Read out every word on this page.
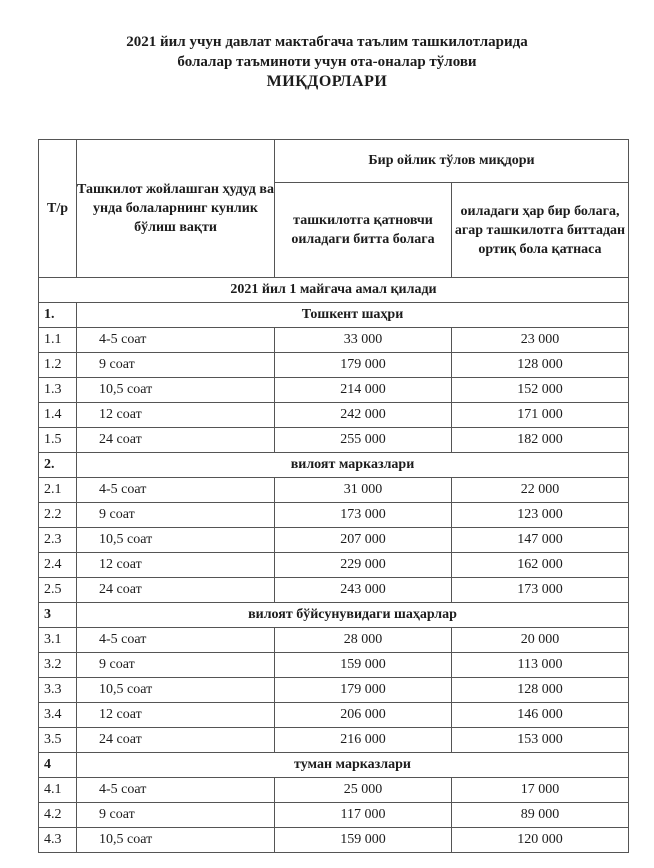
2021 йил учун давлат мактабгача таълим ташкилотларида
болалар таъминоти учун ота-оналар тўлови
МИҚДОРЛАРИ
Т/р	Ташкилот жойлашган ҳудуд ва унда болаларнинг кунлик бўлиш вақти	Бир ойлик тўлов миқдори	
		ташкилотга қатновчи оиладаги битта болага	оиладаги ҳар бир болага, агар ташкилотга биттадан ортиқ бола қатнаса
2021 йил 1 майгача амал қилади			
1.	Тошкент шаҳри		
1.1	4-5 соат	33 000	23 000
1.2	9 соат	179 000	128 000
1.3	10,5 соат	214 000	152 000
1.4	12 соат	242 000	171 000
1.5	24 соат	255 000	182 000
2.	вилоят марказлари		
2.1	4-5 соат	31 000	22 000
2.2	9 соат	173 000	123 000
2.3	10,5 соат	207 000	147 000
2.4	12 соат	229 000	162 000
2.5	24 соат	243 000	173 000
3	вилоят бўйсунувидаги шаҳарлар		
3.1	4-5 соат	28 000	20 000
3.2	9 соат	159 000	113 000
3.3	10,5 соат	179 000	128 000
3.4	12 соат	206 000	146 000
3.5	24 соат	216 000	153 000
4	туман марказлари		
4.1	4-5 соат	25 000	17 000
4.2	9 соат	117 000	89 000
4.3	10,5 соат	159 000	120 000
